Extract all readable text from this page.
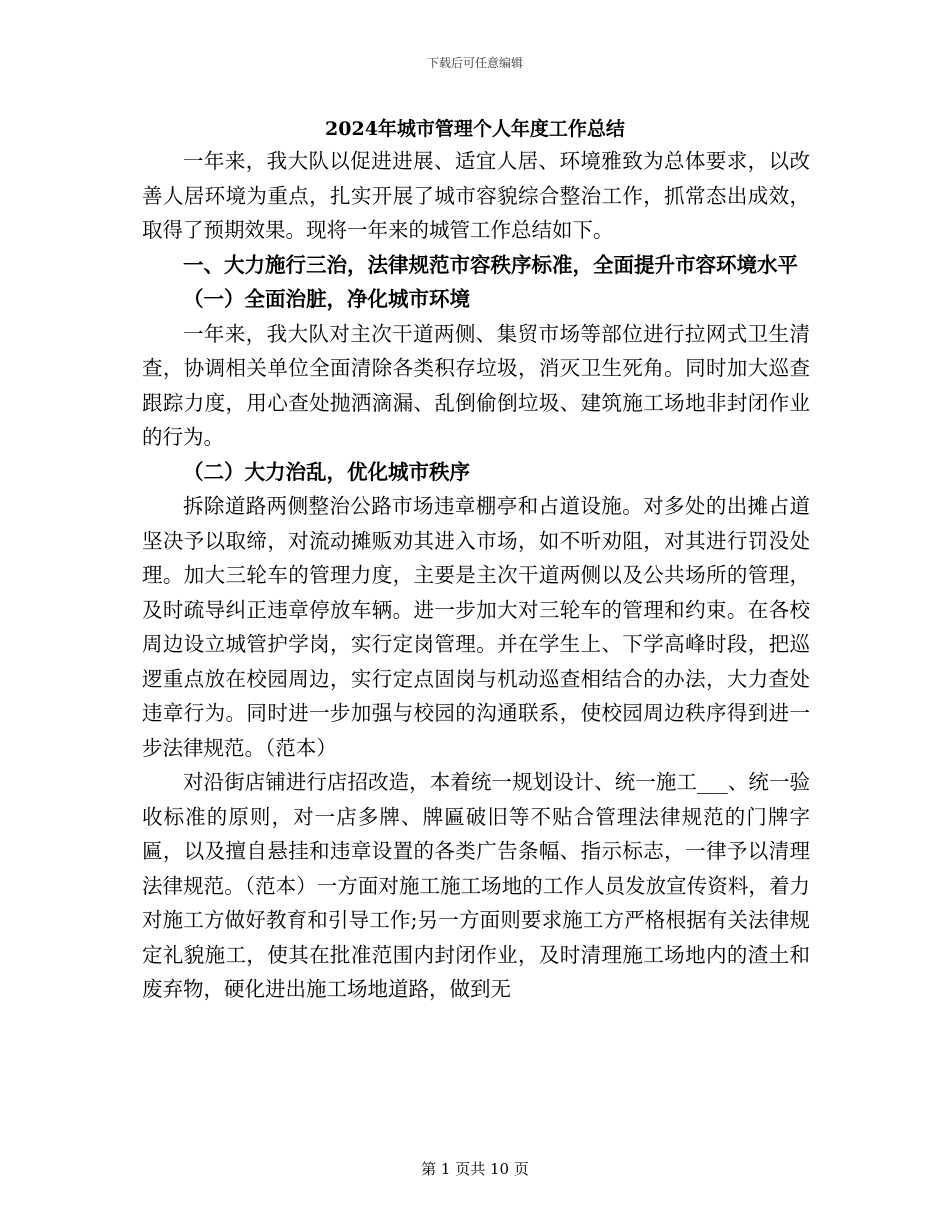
下载后可任意编辑
2024年城市管理个人年度工作总结

一年来，我大队以促进进展、适宜人居、环境雅致为总体要求，以改善人居环境为重点，扎实开展了城市容貌综合整治工作，抓常态出成效，取得了预期效果。现将一年来的城管工作总结如下。

一、大力施行三治，法律规范市容秩序标准，全面提升市容环境水平

（一）全面治脏，净化城市环境

一年来，我大队对主次干道两侧、集贸市场等部位进行拉网式卫生清查，协调相关单位全面清除各类积存垃圾，消灭卫生死角。同时加大巡查跟踪力度，用心查处抛洒滴漏、乱倒偷倒垃圾、建筑施工场地非封闭作业的行为。

（二）大力治乱，优化城市秩序

拆除道路两侧整治公路市场违章棚亭和占道设施。对多处的出摊占道坚决予以取缔，对流动摊贩劝其进入市场，如不听劝阻，对其进行罚没处理。加大三轮车的管理力度，主要是主次干道两侧以及公共场所的管理，及时疏导纠正违章停放车辆。进一步加大对三轮车的管理和约束。在各校周边设立城管护学岗，实行定岗管理。并在学生上、下学高峰时段，把巡逻重点放在校园周边，实行定点固岗与机动巡查相结合的办法，大力查处违章行为。同时进一步加强与校园的沟通联系，使校园周边秩序得到进一步法律规范。（范本）

对沿街店铺进行店招改造，本着统一规划设计、统一施工___、统一验收标准的原则，对一店多牌、牌匾破旧等不贴合管理法律规范的门牌字匾，以及擅自悬挂和违章设置的各类广告条幅、指示标志，一律予以清理法律规范。（范本）一方面对施工施工场地的工作人员发放宣传资料，着力对施工方做好教育和引导工作;另一方面则要求施工方严格根据有关法律规定礼貌施工，使其在批准范围内封闭作业，及时清理施工场地内的渣土和废弃物，硬化进出施工场地道路，做到无

第 1 页共 10 页
